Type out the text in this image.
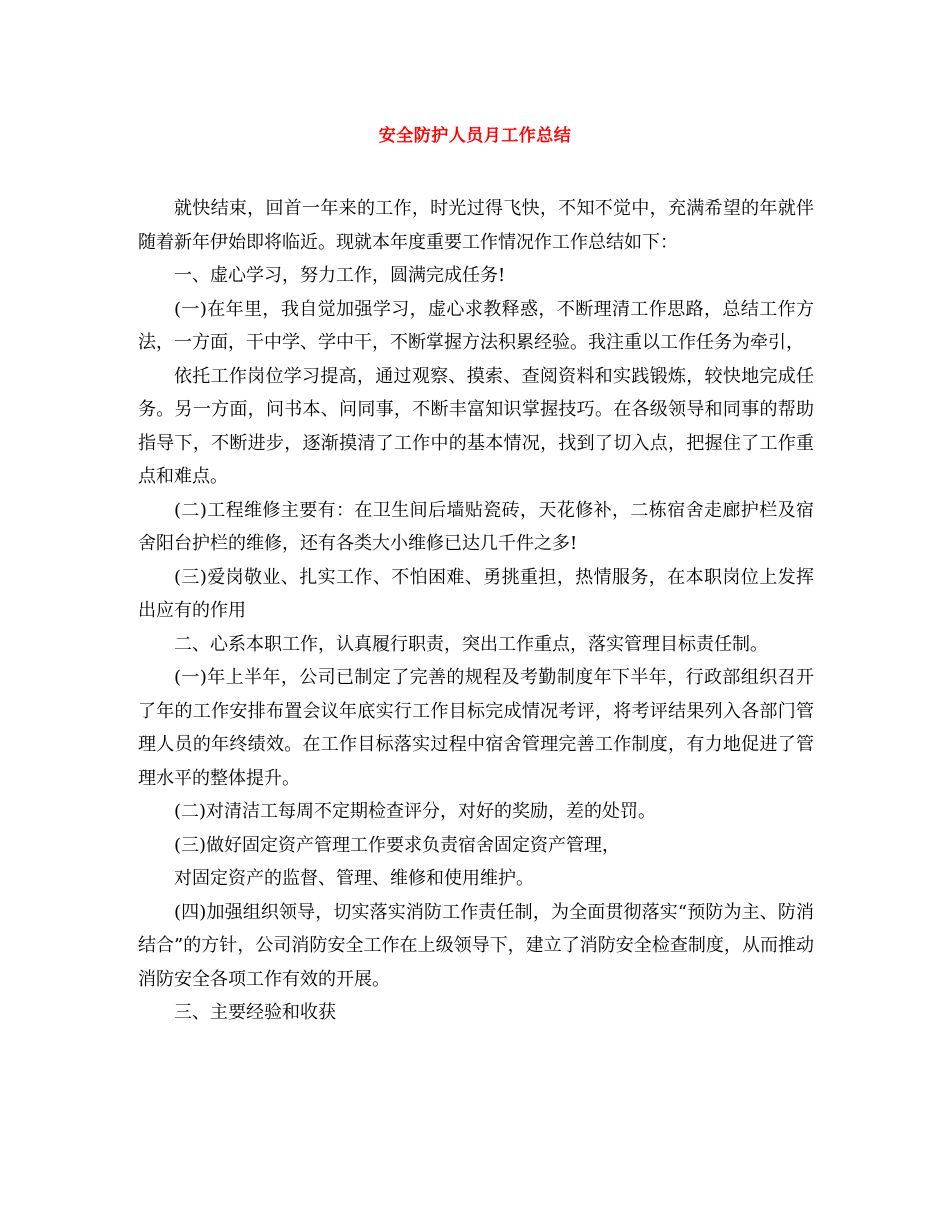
安全防护人员月工作总结

就快结束，回首一年来的工作，时光过得飞快，不知不觉中，充满希望的年就伴随着新年伊始即将临近。现就本年度重要工作情况作工作总结如下：

一、虚心学习，努力工作，圆满完成任务!

(一)在年里，我自觉加强学习，虚心求教释惑，不断理清工作思路，总结工作方法，一方面，干中学、学中干，不断掌握方法积累经验。我注重以工作任务为牵引，

依托工作岗位学习提高，通过观察、摸索、查阅资料和实践锻炼，较快地完成任务。另一方面，问书本、问同事，不断丰富知识掌握技巧。在各级领导和同事的帮助指导下，不断进步，逐渐摸清了工作中的基本情况，找到了切入点，把握住了工作重点和难点。

(二)工程维修主要有：在卫生间后墙贴瓷砖，天花修补，二栋宿舍走廊护栏及宿舍阳台护栏的维修，还有各类大小维修已达几千件之多!

(三)爱岗敬业、扎实工作、不怕困难、勇挑重担，热情服务，在本职岗位上发挥出应有的作用

二、心系本职工作，认真履行职责，突出工作重点，落实管理目标责任制。

(一)年上半年，公司已制定了完善的规程及考勤制度年下半年，行政部组织召开了年的工作安排布置会议年底实行工作目标完成情况考评，将考评结果列入各部门管理人员的年终绩效。在工作目标落实过程中宿舍管理完善工作制度，有力地促进了管理水平的整体提升。

(二)对清洁工每周不定期检查评分，对好的奖励，差的处罚。

(三)做好固定资产管理工作要求负责宿舍固定资产管理，

对固定资产的监督、管理、维修和使用维护。

(四)加强组织领导，切实落实消防工作责任制，为全面贯彻落实“预防为主、防消结合”的方针，公司消防安全工作在上级领导下，建立了消防安全检查制度，从而推动消防安全各项工作有效的开展。

三、主要经验和收获
